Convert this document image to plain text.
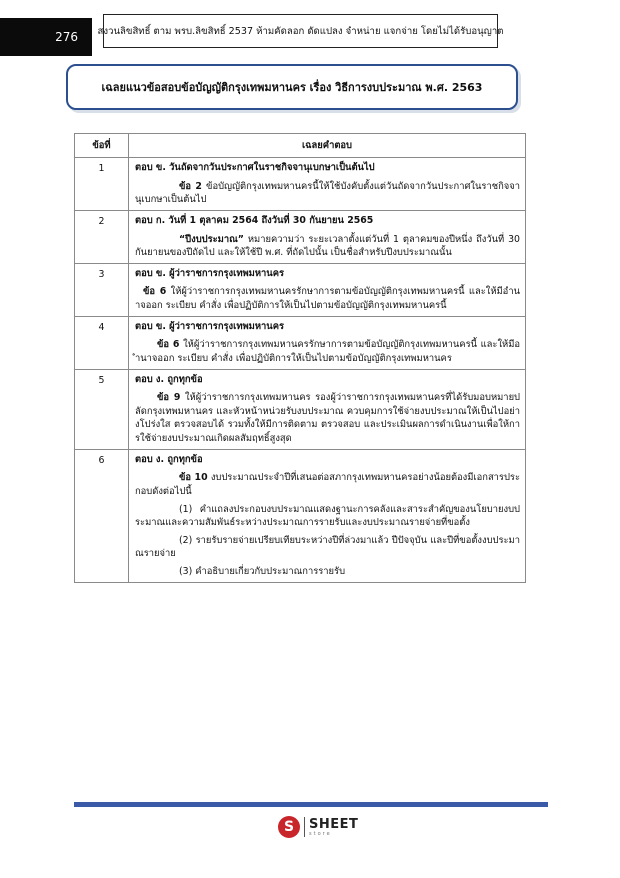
276 สงวนลิขสิทธิ์ ตาม พรบ.ลิขสิทธิ์ 2537 ห้ามคัดลอก ดัดแปลง จำหน่าย แจกจ่าย โดยไม่ได้รับอนุญาต
เฉลยแนวข้อสอบข้อบัญญัติกรุงเทพมหานคร เรื่อง วิธีการงบประมาณ พ.ศ. 2563
ข้อที่	เฉลยคำตอบ
1	ตอบ ข. วันถัดจากวันประกาศในราชกิจจานุเบกษาเป็นต้นไป
ข้อ 2 ข้อบัญญัติกรุงเทพมหานครนี้ให้ใช้บังคับตั้งแต่วันถัดจากวันประกาศในราชกิจจานุเบกษาเป็นต้นไป

2	ตอบ ก. วันที่ 1 ตุลาคม 2564 ถึงวันที่ 30 กันยายน 2565
“ปีงบประมาณ” หมายความว่า ระยะเวลาตั้งแต่วันที่ 1 ตุลาคมของปีหนึ่ง ถึงวันที่ 30 กันยายนของปีถัดไป และให้ใช้ปี พ.ศ. ที่ถัดไปนั้น เป็นชื่อสำหรับปีงบประมาณนั้น

3	ตอบ ข. ผู้ว่าราชการกรุงเทพมหานคร
ข้อ 6 ให้ผู้ว่าราชการกรุงเทพมหานครรักษาการตามข้อบัญญัติกรุงเทพมหานครนี้ และให้มีอำนาจออก ระเบียบ คำสั่ง เพื่อปฏิบัติการให้เป็นไปตามข้อบัญญัติกรุงเทพมหานครนี้

4	ตอบ ข. ผู้ว่าราชการกรุงเทพมหานคร
ข้อ 6 ให้ผู้ว่าราชการกรุงเทพมหานครรักษาการตามข้อบัญญัติกรุงเทพมหานครนี้ และให้มีอำนาจออก ระเบียบ คำสั่ง เพื่อปฏิบัติการให้เป็นไปตามข้อบัญญัติกรุงเทพมหานคร

5	ตอบ ง. ถูกทุกข้อ
ข้อ 9 ให้ผู้ว่าราชการกรุงเทพมหานคร รองผู้ว่าราชการกรุงเทพมหานครที่ได้รับมอบหมายปลัดกรุงเทพมหานคร และหัวหน้าหน่วยรับงบประมาณ ควบคุมการใช้จ่ายงบประมาณให้เป็นไปอย่างโปร่งใส ตรวจสอบได้ รวมทั้งให้มีการติดตาม ตรวจสอบ และประเมินผลการดำเนินงานเพื่อให้การใช้จ่ายงบประมาณเกิดผลสัมฤทธิ์สูงสุด

6	ตอบ ง. ถูกทุกข้อ
ข้อ 10 งบประมาณประจำปีที่เสนอต่อสภากรุงเทพมหานครอย่างน้อยต้องมีเอกสารประกอบดังต่อไปนี้
(1) คำแถลงประกอบงบประมาณแสดงฐานะการคลังและสาระสำคัญของนโยบายงบประมาณและความสัมพันธ์ระหว่างประมาณการรายรับและงบประมาณรายจ่ายที่ขอตั้ง
(2) รายรับรายจ่ายเปรียบเทียบระหว่างปีที่ล่วงมาแล้ว ปีปัจจุบัน และปีที่ขอตั้งงบประมาณรายจ่าย
(3) คำอธิบายเกี่ยวกับประมาณการรายรับ
S	SHEET
store
